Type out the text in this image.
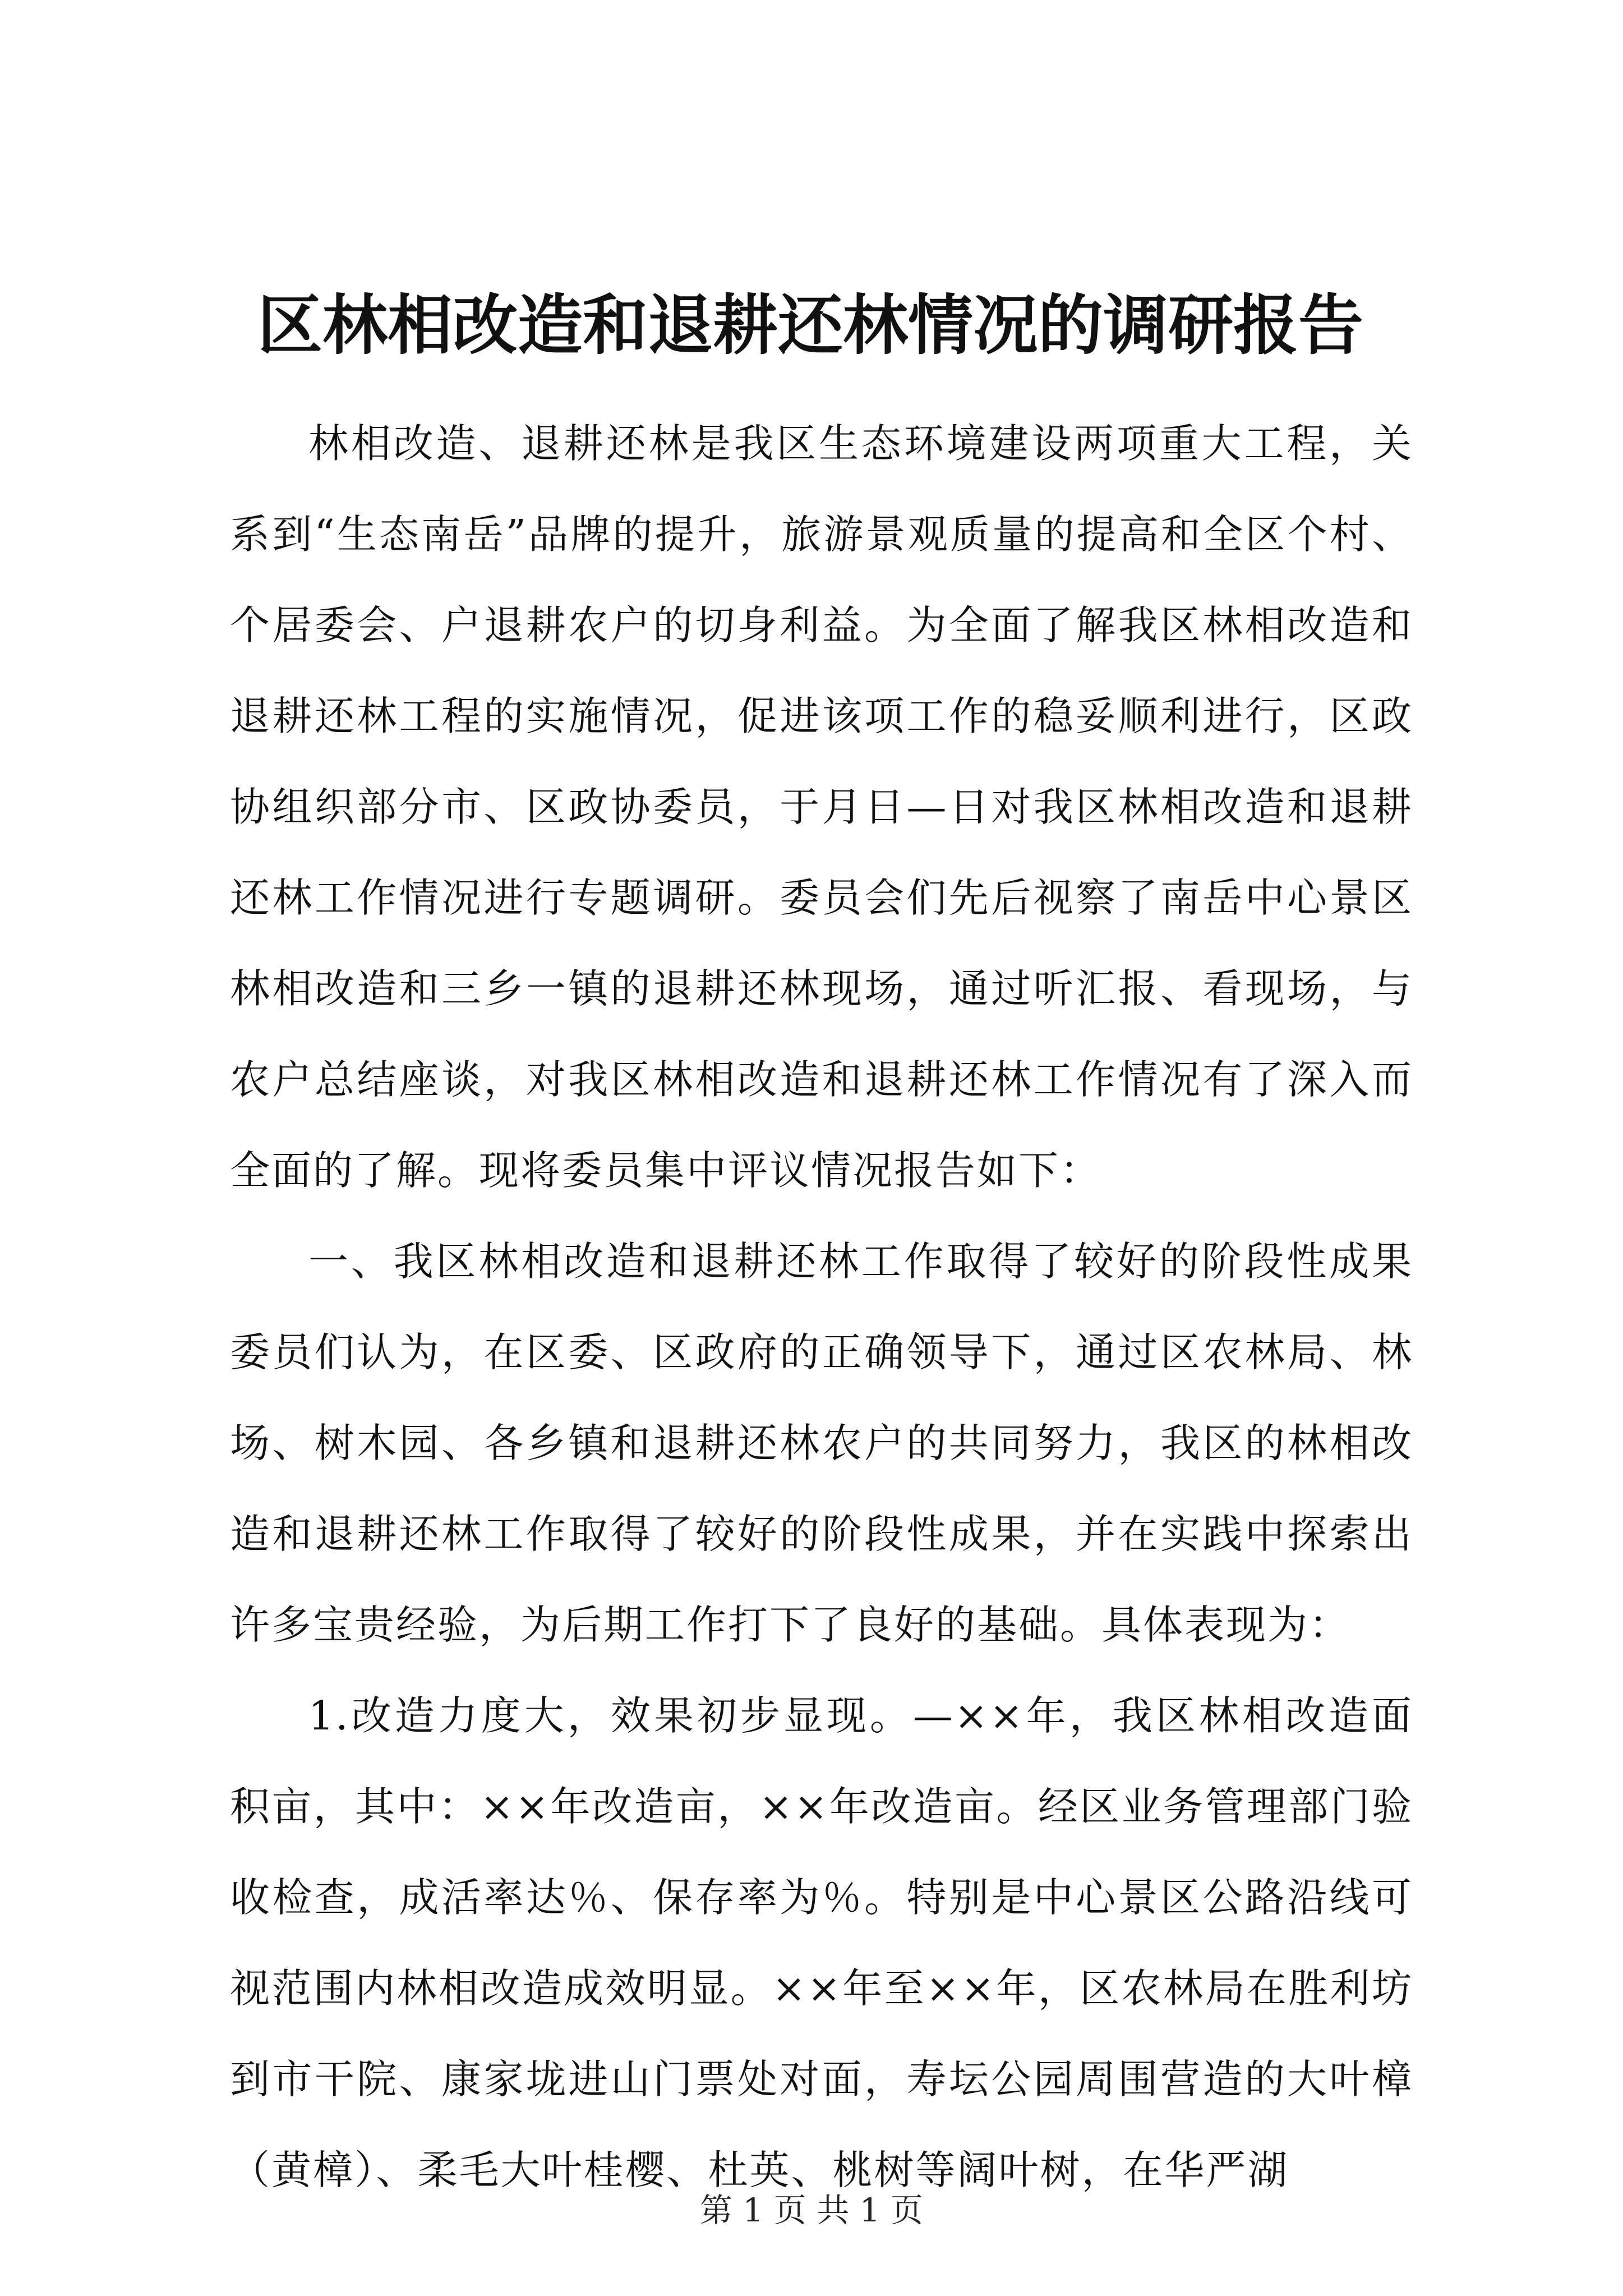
区林相改造和退耕还林情况的调研报告

林相改造、退耕还林是我区生态环境建设两项重大工程，关系到“生态南岳”品牌的提升，旅游景观质量的提高和全区个村、个居委会、户退耕农户的切身利益。为全面了解我区林相改造和退耕还林工程的实施情况，促进该项工作的稳妥顺利进行，区政协组织部分市、区政协委员，于月日—日对我区林相改造和退耕还林工作情况进行专题调研。委员会们先后视察了南岳中心景区林相改造和三乡一镇的退耕还林现场，通过听汇报、看现场，与农户总结座谈，对我区林相改造和退耕还林工作情况有了深入而全面的了解。现将委员集中评议情况报告如下：

一、我区林相改造和退耕还林工作取得了较好的阶段性成果委员们认为，在区委、区政府的正确领导下，通过区农林局、林场、树木园、各乡镇和退耕还林农户的共同努力，我区的林相改造和退耕还林工作取得了较好的阶段性成果，并在实践中探索出许多宝贵经验，为后期工作打下了良好的基础。具体表现为：

1.改造力度大，效果初步显现。—××年，我区林相改造面积亩，其中：××年改造亩，××年改造亩。经区业务管理部门验收检查，成活率达％、保存率为％。特别是中心景区公路沿线可视范围内林相改造成效明显。××年至××年，区农林局在胜利坊到市干院、康家垅进山门票处对面，寿坛公园周围营造的大叶樟（黄樟）、柔毛大叶桂樱、杜英、桃树等阔叶树，在华严湖

第 1 页 共 1 页
